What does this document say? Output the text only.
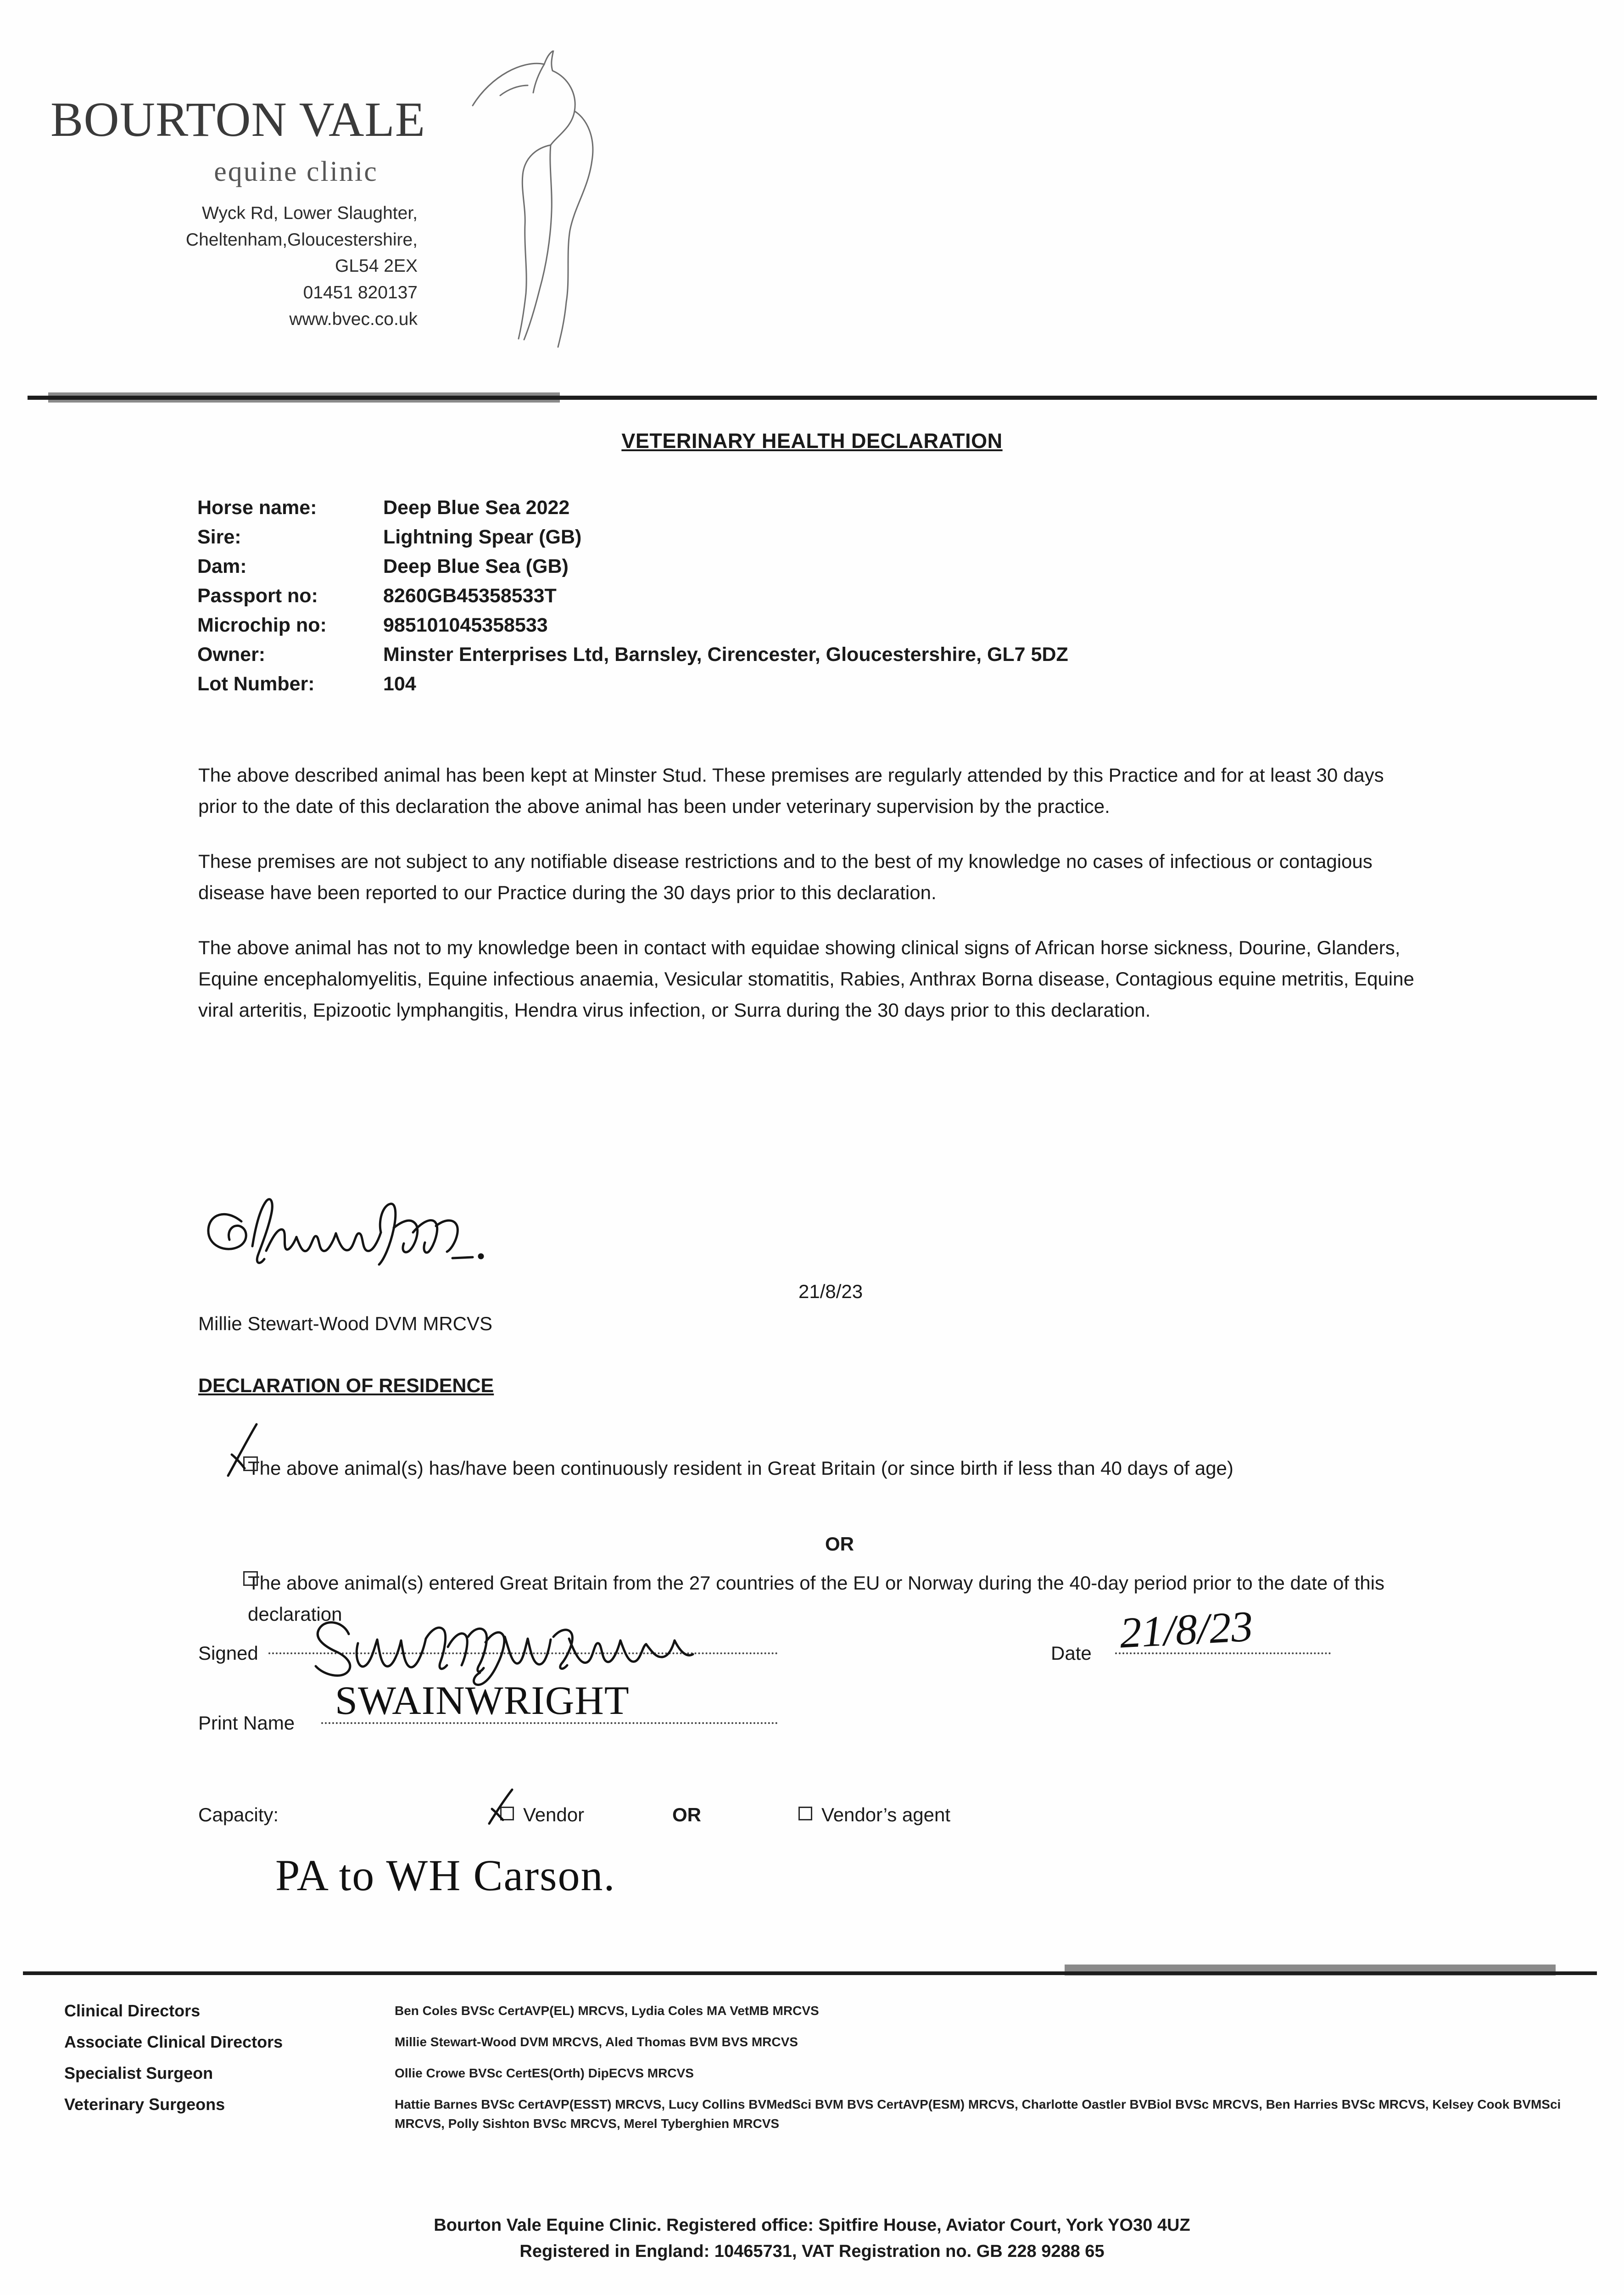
BOURTON VALE
equine clinic
Wyck Rd, Lower Slaughter,
Cheltenham,Gloucestershire,
GL54 2EX
01451 820137
www.bvec.co.uk
VETERINARY HEALTH DECLARATION
Horse name:	Deep Blue Sea 2022
Sire:	Lightning Spear (GB)
Dam:	Deep Blue Sea (GB)
Passport no:	8260GB45358533T
Microchip no:	985101045358533
Owner:	Minster Enterprises Ltd, Barnsley, Cirencester, Gloucestershire, GL7 5DZ
Lot Number:	104

The above described animal has been kept at Minster Stud. These premises are regularly attended by this Practice and for at least 30 days prior to the date of this declaration the above animal has been under veterinary supervision by the practice.

These premises are not subject to any notifiable disease restrictions and to the best of my knowledge no cases of infectious or contagious disease have been reported to our Practice during the 30 days prior to this declaration.

The above animal has not to my knowledge been in contact with equidae showing clinical signs of African horse sickness, Dourine, Glanders, Equine encephalomyelitis, Equine infectious anaemia, Vesicular stomatitis, Rabies, Anthrax Borna disease, Contagious equine metritis, Equine viral arteritis, Epizootic lymphangitis, Hendra virus infection, or Surra during the 30 days prior to this declaration.

Millie Stewart-Wood DVM MRCVS
21/8/23
DECLARATION OF RESIDENCE
The above animal(s) has/have been continuously resident in Great Britain (or since birth if less than 40 days of age)
OR
The above animal(s) entered Great Britain from the 27 countries of the EU or Norway during the 40-day period prior to the date of this declaration
Signed	Date 21/8/23
Print Name SWAINWRIGHT
Capacity:	Vendor	OR	Vendor’s agent
PA to WH Carson.
Clinical Directors	Ben Coles BVSc CertAVP(EL) MRCVS, Lydia Coles MA VetMB MRCVS
Associate Clinical Directors	Millie Stewart-Wood DVM MRCVS, Aled Thomas BVM BVS MRCVS
Specialist Surgeon	Ollie Crowe BVSc CertES(Orth) DipECVS MRCVS
Veterinary Surgeons	Hattie Barnes BVSc CertAVP(ESST) MRCVS, Lucy Collins BVMedSci BVM BVS CertAVP(ESM) MRCVS, Charlotte Oastler BVBiol BVSc MRCVS, Ben Harries BVSc MRCVS, Kelsey Cook BVMSci MRCVS, Polly Sishton BVSc MRCVS, Merel Tyberghien MRCVS
Bourton Vale Equine Clinic. Registered office: Spitfire House, Aviator Court, York YO30 4UZ
Registered in England: 10465731, VAT Registration no. GB 228 9288 65
